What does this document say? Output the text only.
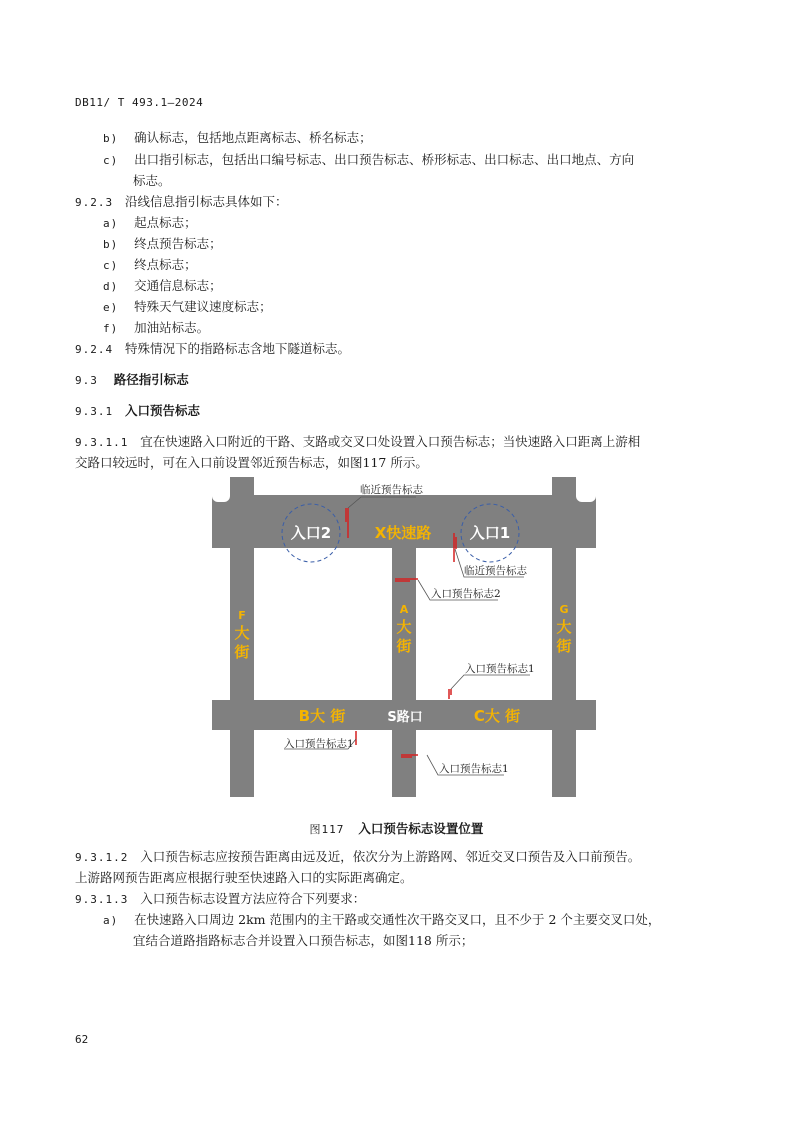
DB11/ T 493.1—2024
b) 确认标志，包括地点距离标志、桥名标志；
c) 出口指引标志，包括出口编号标志、出口预告标志、桥形标志、出口标志、出口地点、方向
标志。
9.2.3 沿线信息指引标志具体如下：
a) 起点标志；
b) 终点预告标志；
c) 终点标志；
d) 交通信息标志；
e) 特殊天气建议速度标志；
f) 加油站标志。
9.2.4 特殊情况下的指路标志含地下隧道标志。
9.3 路径指引标志
9.3.1 入口预告标志
9.3.1.1 宜在快速路入口附近的干路、支路或交叉口处设置入口预告标志；当快速路入口距离上游相
交路口较远时，可在入口前设置邻近预告标志，如图117 所示。
入口2	X快速路	入口1
F
大
街
A
大
街
G
大
街
B大 街	S路口	C大 街
临近预告标志
临近预告标志
入口预告标志2
入口预告标志1
入口预告标志1
入口预告标志1
图117 入口预告标志设置位置
9.3.1.2 入口预告标志应按预告距离由远及近，依次分为上游路网、邻近交叉口预告及入口前预告。
上游路网预告距离应根据行驶至快速路入口的实际距离确定。
9.3.1.3 入口预告标志设置方法应符合下列要求：
a) 在快速路入口周边 2km 范围内的主干路或交通性次干路交叉口，且不少于 2 个主要交叉口处，
宜结合道路指路标志合并设置入口预告标志，如图118 所示；
62
